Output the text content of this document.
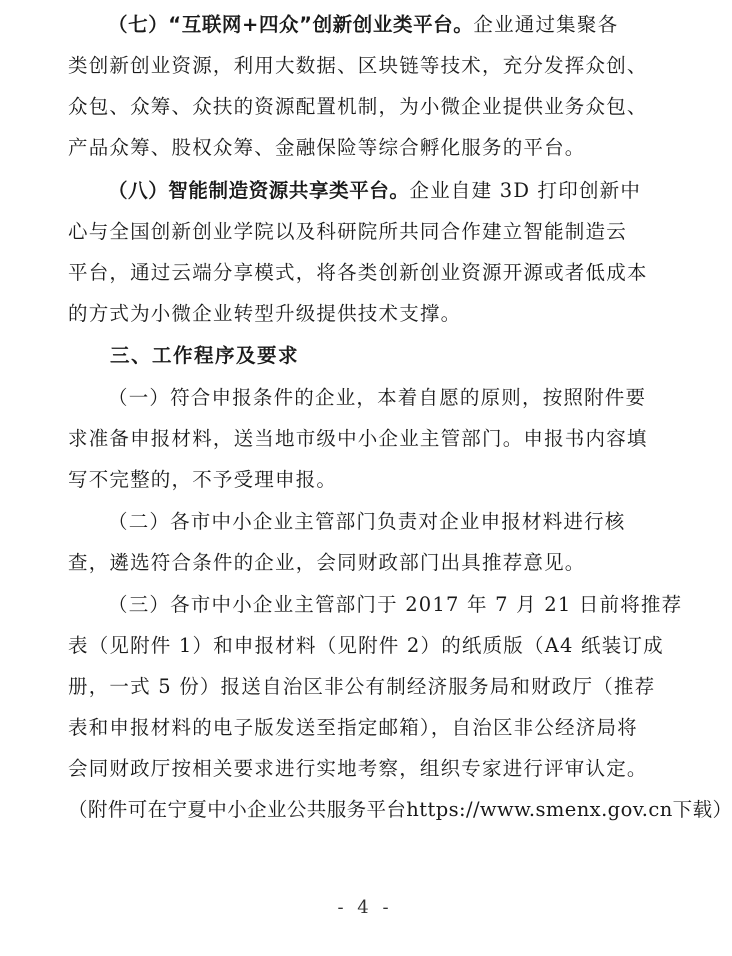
（七）“互联网+四众”创新创业类平台。企业通过集聚各
类创新创业资源，利用大数据、区块链等技术，充分发挥众创、
众包、众筹、众扶的资源配置机制，为小微企业提供业务众包、
产品众筹、股权众筹、金融保险等综合孵化服务的平台。
（八）智能制造资源共享类平台。企业自建 3D 打印创新中
心与全国创新创业学院以及科研院所共同合作建立智能制造云
平台，通过云端分享模式，将各类创新创业资源开源或者低成本
的方式为小微企业转型升级提供技术支撑。
三、工作程序及要求
（一）符合申报条件的企业，本着自愿的原则，按照附件要
求准备申报材料，送当地市级中小企业主管部门。申报书内容填
写不完整的，不予受理申报。
（二）各市中小企业主管部门负责对企业申报材料进行核
查，遴选符合条件的企业，会同财政部门出具推荐意见。
（三）各市中小企业主管部门于 2017 年 7 月 21 日前将推荐
表（见附件 1）和申报材料（见附件 2）的纸质版（A4 纸装订成
册，一式 5 份）报送自治区非公有制经济服务局和财政厅（推荐
表和申报材料的电子版发送至指定邮箱），自治区非公经济局将
会同财政厅按相关要求进行实地考察，组织专家进行评审认定。
（附件可在宁夏中小企业公共服务平台https://www.smenx.gov.cn下载）
- 4 -
